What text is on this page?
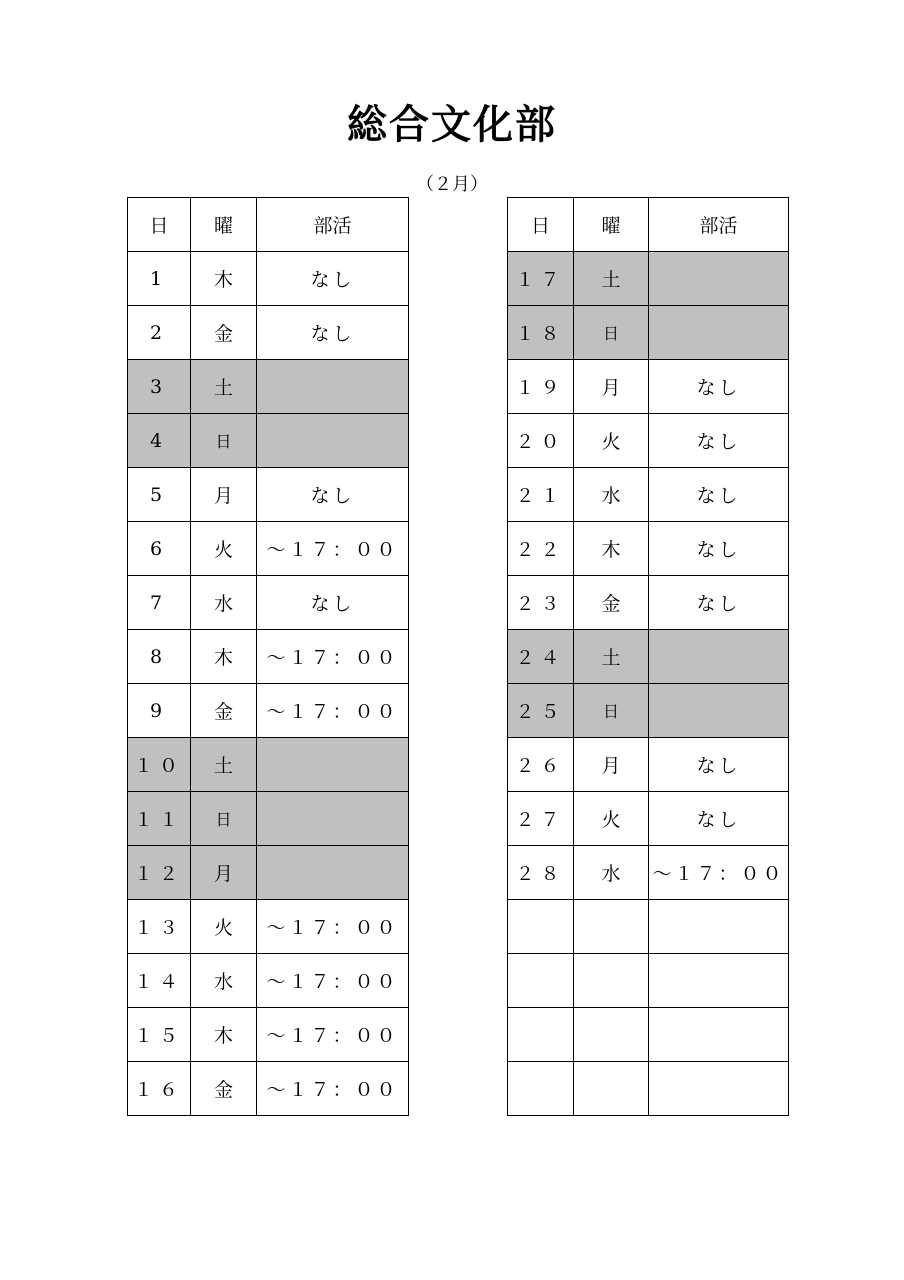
総合文化部

（２月）

日	曜	部活
1	木	なし
2	金	なし
3	土	
4	日	
5	月	なし
6	火	～１７：００
7	水	なし
8	木	～１７：００
9	金	～１７：００
１０	土	
１１	日	
１２	月	
１３	火	～１７：００
１４	水	～１７：００
１５	木	～１７：００
１６	金	～１７：００
日	曜	部活
１７	土	
１８	日	
１９	月	なし
２０	火	なし
２１	水	なし
２２	木	なし
２３	金	なし
２４	土	
２５	日	
２６	月	なし
２７	火	なし
２８	水	～１７：００
